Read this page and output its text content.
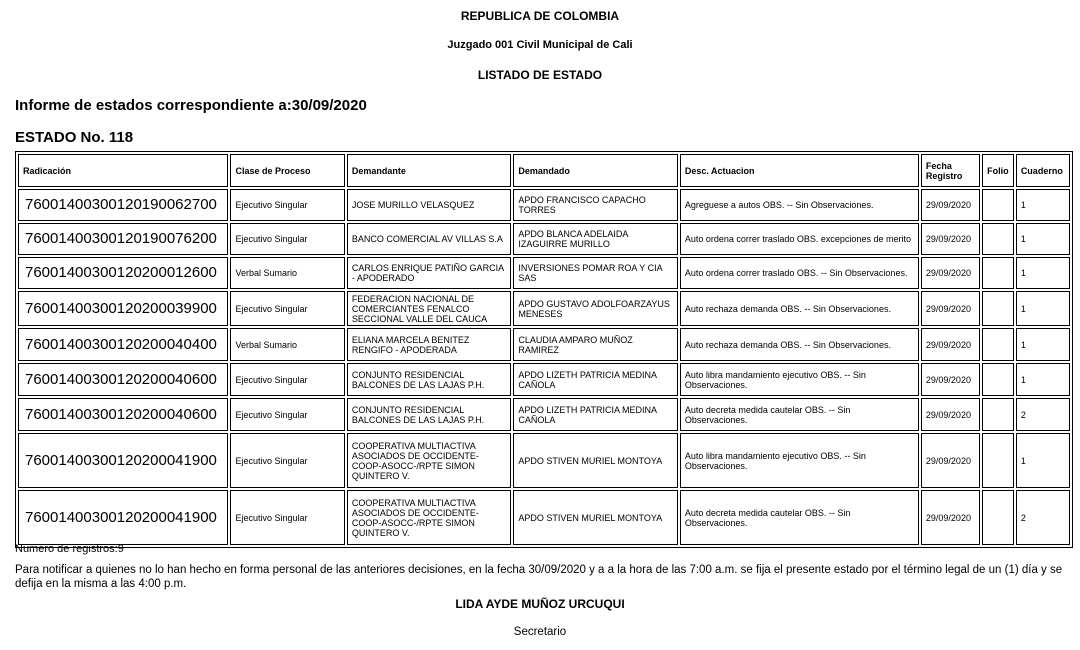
REPUBLICA DE COLOMBIA
Juzgado 001 Civil Municipal de Cali
LISTADO DE ESTADO
Informe de estados correspondiente a:30/09/2020
ESTADO No. 118
Radicación	Clase de Proceso	Demandante	Demandado	Desc. Actuacion	Fecha Registro	Folio	Cuaderno
76001400300120190062700	Ejecutivo Singular	JOSE MURILLO VELASQUEZ	APDO FRANCISCO CAPACHO TORRES	Agreguese a autos OBS. -- Sin Observaciones.	29/09/2020		1
76001400300120190076200	Ejecutivo Singular	BANCO COMERCIAL AV VILLAS S.A	APDO BLANCA ADELAIDA IZAGUIRRE MURILLO	Auto ordena correr traslado OBS. excepciones de merito	29/09/2020		1
76001400300120200012600	Verbal Sumario	CARLOS ENRIQUE PATIÑO GARCIA - APODERADO	INVERSIONES POMAR ROA Y CIA SAS	Auto ordena correr traslado OBS. -- Sin Observaciones.	29/09/2020		1
76001400300120200039900	Ejecutivo Singular	FEDERACION NACIONAL DE COMERCIANTES FENALCO SECCIONAL VALLE DEL CAUCA	APDO GUSTAVO ADOLFOARZAYUS MENESES	Auto rechaza demanda OBS. -- Sin Observaciones.	29/09/2020		1
76001400300120200040400	Verbal Sumario	ELIANA MARCELA BENITEZ RENGIFO - APODERADA	CLAUDIA AMPARO MUÑOZ RAMIREZ	Auto rechaza demanda OBS. -- Sin Observaciones.	29/09/2020		1
76001400300120200040600	Ejecutivo Singular	CONJUNTO RESIDENCIAL BALCONES DE LAS LAJAS P.H.	APDO LIZETH PATRICIA MEDINA CAÑOLA	Auto libra mandamiento ejecutivo OBS. -- Sin Observaciones.	29/09/2020		1
76001400300120200040600	Ejecutivo Singular	CONJUNTO RESIDENCIAL BALCONES DE LAS LAJAS P.H.	APDO LIZETH PATRICIA MEDINA CAÑOLA	Auto decreta medida cautelar OBS. -- Sin Observaciones.	29/09/2020		2
76001400300120200041900	Ejecutivo Singular	COOPERATIVA MULTIACTIVA ASOCIADOS DE OCCIDENTE-COOP-ASOCC-/RPTE SIMON QUINTERO V.	APDO STIVEN MURIEL MONTOYA	Auto libra mandamiento ejecutivo OBS. -- Sin Observaciones.	29/09/2020		1
76001400300120200041900	Ejecutivo Singular	COOPERATIVA MULTIACTIVA ASOCIADOS DE OCCIDENTE-COOP-ASOCC-/RPTE SIMON QUINTERO V.	APDO STIVEN MURIEL MONTOYA	Auto decreta medida cautelar OBS. -- Sin Observaciones.	29/09/2020		2
Numero de registros:9
Para notificar a quienes no lo han hecho en forma personal de las anteriores decisiones, en la fecha 30/09/2020 y a a la hora de las 7:00 a.m. se fija el presente estado por el término legal de un (1) día y se defija en la misma a las 4:00 p.m.
LIDA AYDE MUÑOZ URCUQUI
Secretario
